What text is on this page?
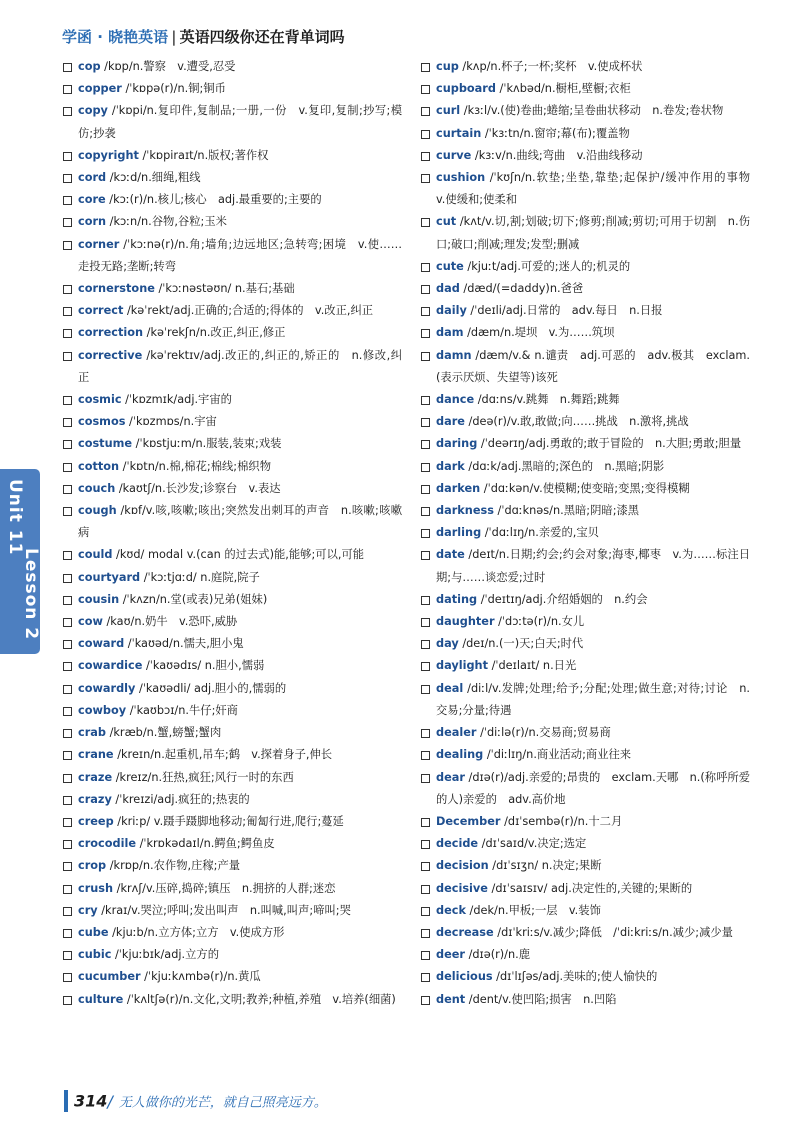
学函 · 晓艳英语 | 英语四级你还在背单词吗
cop /kɒp/n.警察　v.遭受,忍受
copper /ˈkɒpə(r)/n.铜;铜币
copy /ˈkɒpi/n.复印件,复制品;一册,一份　v.复印,复制;抄写;模仿;抄袭
copyright /ˈkɒpiraɪt/n.版权;著作权
cord /kɔːd/n.细绳,粗线
core /kɔː(r)/n.核儿;核心　adj.最重要的;主要的
corn /kɔːn/n.谷物,谷粒;玉米
corner /ˈkɔːnə(r)/n.角;墙角;边远地区;急转弯;困境　v.使……走投无路;垄断;转弯
cornerstone /ˈkɔːnəstəʊn/ n.基石;基础
correct /kəˈrekt/adj.正确的;合适的;得体的　v.改正,纠正
correction /kəˈrekʃn/n.改正,纠正,修正
corrective /kəˈrektɪv/adj.改正的,纠正的,矫正的　n.修改,纠正
cosmic /ˈkɒzmɪk/adj.宇宙的
cosmos /ˈkɒzmɒs/n.宇宙
costume /ˈkɒstjuːm/n.服装,装束;戏装
cotton /ˈkɒtn/n.棉,棉花;棉线;棉织物
couch /kaʊtʃ/n.长沙发;诊察台　v.表达
cough /kɒf/v.咳,咳嗽;咳出;突然发出刺耳的声音　n.咳嗽;咳嗽病
could /kʊd/ modal v.(can 的过去式)能,能够;可以,可能
courtyard /ˈkɔːtjɑːd/ n.庭院,院子
cousin /ˈkʌzn/n.堂(或表)兄弟(姐妹)
cow /kaʊ/n.奶牛　v.恐吓,威胁
coward /ˈkaʊəd/n.懦夫,胆小鬼
cowardice /ˈkaʊədɪs/ n.胆小,懦弱
cowardly /ˈkaʊədli/ adj.胆小的,懦弱的
cowboy /ˈkaʊbɔɪ/n.牛仔;奸商
crab /kræb/n.蟹,螃蟹;蟹肉
crane /kreɪn/n.起重机,吊车;鹤　v.探着身子,伸长
craze /kreɪz/n.狂热,疯狂;风行一时的东西
crazy /ˈkreɪzi/adj.疯狂的;热衷的
creep /kriːp/ v.蹑手蹑脚地移动;匍匐行进,爬行;蔓延
crocodile /ˈkrɒkədaɪl/n.鳄鱼;鳄鱼皮
crop /krɒp/n.农作物,庄稼;产量
crush /krʌʃ/v.压碎,捣碎;镇压　n.拥挤的人群;迷恋
cry /kraɪ/v.哭泣;呼叫;发出叫声　n.叫喊,叫声;啼叫;哭
cube /kjuːb/n.立方体;立方　v.使成方形
cubic /ˈkjuːbɪk/adj.立方的
cucumber /ˈkjuːkʌmbə(r)/n.黄瓜
culture /ˈkʌltʃə(r)/n.文化,文明;教养;种植,养殖　v.培养(细菌)
cup /kʌp/n.杯子;一杯;奖杯　v.使成杯状
cupboard /ˈkʌbəd/n.橱柜,壁橱;衣柜
curl /kɜːl/v.(使)卷曲;蜷缩;呈卷曲状移动　n.卷发;卷状物
curtain /ˈkɜːtn/n.窗帘;幕(布);覆盖物
curve /kɜːv/n.曲线;弯曲　v.沿曲线移动
cushion /ˈkʊʃn/n.软垫;坐垫,靠垫;起保护/缓冲作用的事物　v.使缓和;使柔和
cut /kʌt/v.切,割;划破;切下;修剪;削减;剪切;可用于切割　n.伤口;破口;削减;理发;发型;删减
cute /kjuːt/adj.可爱的;迷人的;机灵的
dad /dæd/(=daddy)n.爸爸
daily /ˈdeɪli/adj.日常的　adv.每日　n.日报
dam /dæm/n.堤坝　v.为……筑坝
damn /dæm/v.& n.谴责　adj.可恶的　adv.极其　exclam.(表示厌烦、失望等)该死
dance /dɑːns/v.跳舞　n.舞蹈;跳舞
dare /deə(r)/v.敢,敢做;向……挑战　n.激将,挑战
daring /ˈdeərɪŋ/adj.勇敢的;敢于冒险的　n.大胆;勇敢;胆量
dark /dɑːk/adj.黑暗的;深色的　n.黑暗;阴影
darken /ˈdɑːkən/v.使模糊;使变暗;变黑;变得模糊
darkness /ˈdɑːknəs/n.黑暗;阴暗;漆黑
darling /ˈdɑːlɪŋ/n.亲爱的,宝贝
date /deɪt/n.日期;约会;约会对象;海枣,椰枣　v.为……标注日期;与……谈恋爱;过时
dating /ˈdeɪtɪŋ/adj.介绍婚姻的　n.约会
daughter /ˈdɔːtə(r)/n.女儿
day /deɪ/n.(一)天;白天;时代
daylight /ˈdeɪlaɪt/ n.日光
deal /diːl/v.发牌;处理;给予;分配;处理;做生意;对待;讨论　n.交易;分量;待遇
dealer /ˈdiːlə(r)/n.交易商;贸易商
dealing /ˈdiːlɪŋ/n.商业活动;商业往来
dear /dɪə(r)/adj.亲爱的;昂贵的　exclam.天哪　n.(称呼所爱的人)亲爱的　adv.高价地
December /dɪˈsembə(r)/n.十二月
decide /dɪˈsaɪd/v.决定;选定
decision /dɪˈsɪʒn/ n.决定;果断
decisive /dɪˈsaɪsɪv/ adj.决定性的,关键的;果断的
deck /dek/n.甲板;一层　v.装饰
decrease /dɪˈkriːs/v.减少;降低　/ˈdiːkriːs/n.减少;减少量
deer /dɪə(r)/n.鹿
delicious /dɪˈlɪʃəs/adj.美味的;使人愉快的
dent /dent/v.使凹陷;损害　n.凹陷
Unit 11
Lesson 2
314/ 无人做你的光芒，就自己照亮远方。
